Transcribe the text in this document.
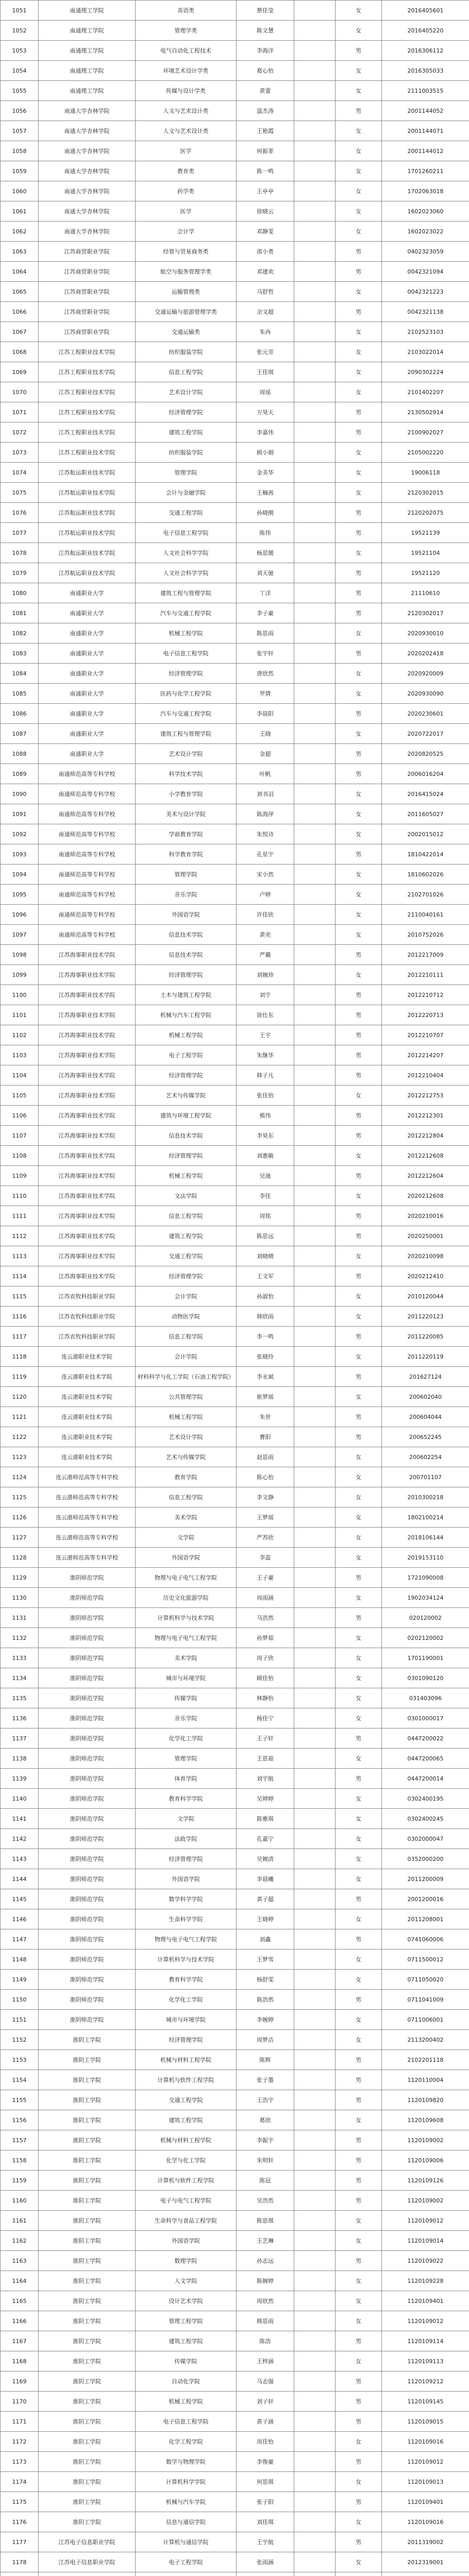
1051	南通理工学院	英语类	蔡佳莹		女	2016405601
1052	南通理工学院	管理学类	陈文慧		女	2016405220
1053	南通理工学院	电气自动化工程技术	李海洋		男	2016306112
1054	南通理工学院	环境艺术设计学类	葛心怡		女	2016305033
1055	南通理工学院	传媒与设计学类	黄蕾		女	2111003515
1056	南通大学杏林学院	人文与艺术设计类	温杰涛		男	2001144052
1057	南通大学杏林学院	人文与艺术设计类	王艳霞		女	2001144071
1058	南通大学杏林学院	医学	何振菲		女	2001144012
1059	南通大学杏林学院	教育类	陈一鸣		女	1701260211
1060	南通大学杏林学院	药学类	王亭亭		女	1702063018
1061	南通大学杏林学院	医学	徐晓云		女	1602023060
1062	南通大学杏林学院	会计学	邓静雯		女	1602023022
1063	江苏商贸职业学院	经管与贸易商务类	邵小勇		男	0402323059
1064	江苏商贸职业学院	航空与服务管理学类	邓建欢		男	0042321094
1065	江苏商贸职业学院	运输管理类	马舒哲		女	0042321223
1066	江苏商贸职业学院	交通运输与旅游管理学类	余文超		男	0042321138
1067	江苏商贸职业学院	交通运输类	朱冉		女	2102523103
1068	江苏工程职业技术学院	纺织服装学院	张元芳		女	2103022014
1069	江苏工程职业技术学院	信息工程学院	王佳琪		女	2090302224
1070	江苏工程职业技术学院	艺术设计学院	周瑶		女	2101402207
1071	江苏工程职业技术学院	经济管理学院	万昊天		男	2130502914
1072	江苏工程职业技术学院	建筑工程学院	李嘉伟		男	2100902027
1073	江苏工程职业技术学院	纺织服装学院	顾小娟		女	2105002220
1074	江苏航运职业技术学院	管理学院	金美华		女	19006118
1075	江苏航运职业技术学院	会计与金融学院	王楠茜		女	2120302015
1076	江苏航运职业技术学院	交通工程学院	孙晓刚		男	2120202075
1077	江苏航运职业技术学院	电子信息工程学院	陈伟		男	19521139
1078	江苏航运职业技术学院	人文社会科学学院	杨思媛		女	19521104
1079	江苏航运职业技术学院	人文社会科学学院	刘天驰		男	19521120
1080	南通职业大学	建筑工程与管理学院	丁洋		男	21110610
1081	南通职业大学	汽车与交通工程学院	李子豪		男	2120302017
1082	南通职业大学	机械工程学院	陈思雨		女	2020930010
1083	南通职业大学	电子信息工程学院	张宇轩		男	2020202418
1084	南通职业大学	经济管理学院	唐欣然		女	2020920009
1085	南通职业大学	医药与化学工程学院	罗倩		女	2020930090
1086	南通职业大学	汽车与交通工程学院	李晨阳		男	2020230601
1087	南通职业大学	建筑工程与管理学院	王晓		女	2020722017
1088	南通职业大学	艺术设计学院	金超		男	2020820525
1089	南通师范高等专科学校	科学技术学院	叶帆		男	2006016204
1090	南通师范高等专科学校	小学教育学院	刘书羽		女	2016415024
1091	南通师范高等专科学校	美术与设计学院	陈海萍		女	2011605027
1092	南通师范高等专科学校	学前教育学院	朱悦诗		女	2002015012
1093	南通师范高等专科学校	科学教育学院	孔星宇		男	1810422014
1094	南通师范高等专科学校	管理学院	宋小然		女	1810602026
1095	南通师范高等专科学校	音乐学院	卢婷		女	2102701026
1096	南通师范高等专科学校	外国语学院	许佳欣		女	2110040161
1097	南通师范高等专科学校	信息技术学院	黄奕		女	2010752026
1098	江苏海事职业技术学院	信息技术学院	严璐		男	2012217009
1099	江苏海事职业技术学院	经济管理学院	刘婉珍		女	2012210111
1100	江苏海事职业技术学院	土木与建筑工程学院	刘宇		男	2012210712
1101	江苏海事职业技术学院	机械与汽车工程学院	徐仕东		男	2012220713
1102	江苏海事职业技术学院	机械工程学院	王宇		男	2012210707
1103	江苏海事职业技术学院	电子工程学院	朱继华		男	2012214207
1104	江苏海事职业技术学院	经济管理学院	韩子凡		男	2012210404
1105	江苏海事职业技术学院	艺术与传媒学院	张佳怡		女	2012212753
1106	江苏海事职业技术学院	建筑与环境工程学院	熊伟		男	2012212301
1107	江苏海事职业技术学院	信息技术学院	李昊东		男	2012212804
1108	江苏海事职业技术学院	经济管理学院	刘惠敏		女	2012212608
1109	江苏海事职业技术学院	机械工程学院	吴迪		男	2012212604
1110	江苏海事职业技术学院	文法学院	李佳		女	2020212608
1111	江苏海事职业技术学院	信息工程学院	周铭		男	2020210016
1112	江苏海事职业技术学院	建筑工程学院	陈思远		男	2020250001
1113	江苏海事职业技术学院	交通工程学院	刘晓晴		女	2020210098
1114	江苏海事职业技术学院	经济管理学院	王文军		男	2020212410
1115	江苏农牧科技职业学院	会计学院	孙淑怡		女	2010120044
1116	江苏农牧科技职业学院	动物医学院	韩欣雨		女	2011220123
1117	江苏农牧科技职业学院	信息工程学院	李一鸣		男	2011220085
1118	连云港职业技术学院	会计学院	张晓玲		女	2011220119
1119	连云港职业技术学院	材料科学与化工学院（石油工程学院）	李永斌		男	201627124
1120	连云港职业技术学院	公共管理学院	崔梦瑶		女	200602040
1121	连云港职业技术学院	机械工程学院	朱世		男	200604044
1122	连云港职业技术学院	艺术设计学院	曹阳		男	200652245
1123	连云港职业技术学院	艺术与传媒学院	赵思雨		女	200602254
1124	连云港师范高等专科学校	教育学院	陈心怡		女	200701107
1125	连云港师范高等专科学校	信息工程学院	李文静		女	2010300218
1126	连云港师范高等专科学校	美术学院	王梦瑶		女	1802100214
1127	连云港师范高等专科学校	文学院	严苏欣		女	2018106144
1128	连云港师范高等专科学校	外国语学院	李蕊		女	2019153110
1129	淮阴师范学院	物理与电子电气工程学院	王子豪		男	1721090008
1130	淮阴师范学院	历史文化旅游学院	周雨涵		女	1902034124
1131	淮阴师范学院	计算机科学与技术学院	马浩然		男	020120002
1132	淮阴师范学院	物理与电子电气工程学院	孙梦茹		女	0202120002
1133	淮阴师范学院	美术学院	周子欣		女	1701190001
1134	淮阴师范学院	城市与环境学院	顾佳怡		女	0301090120
1135	淮阴师范学院	传媒学院	林静怡		女	031403096
1136	淮阴师范学院	音乐学院	杨佳宁		女	0301000017
1137	淮阴师范学院	化学化工学院	王子轩		男	0447200022
1138	淮阴师范学院	管理学院	王思茹		女	0447200065
1139	淮阴师范学院	体育学院	刘宇航		男	0447200014
1140	淮阴师范学院	教育科学学院	吴婷婷		女	0302400195
1141	淮阴师范学院	文学院	陈雅琪		女	0302400245
1142	淮阴师范学院	法政学院	孔嘉宁		女	0302000047
1143	淮阴师范学院	经济管理学院	吴婉清		女	0352000200
1144	淮阴师范学院	外国语学院	李晨曦		女	2011200009
1145	淮阴师范学院	数学科学学院	黄子超		男	2001200016
1146	淮阴师范学院	生命科学学院	王晓婷		女	2011208001
1147	淮阴师范学院	物理与电子电气工程学院	刘鑫		男	0741060006
1148	淮阴师范学院	计算机科学与技术学院	王梦雪		女	0711500012
1149	淮阴师范学院	教育科学学院	杨舒雯		女	0711050020
1150	淮阴师范学院	化学化工学院	陈浩然		男	0711041009
1151	淮阴师范学院	城市与环境学院	李婉婷		女	0711006001
1152	淮阴工学院	经济管理学院	周梦洁		女	2113200402
1153	淮阴工学院	机械与材料工程学院	陈辉		男	2102201118
1154	淮阴工学院	计算机与软件工程学院	张子墨		男	1120110004
1155	淮阴工学院	交通工程学院	王浩宇		男	1120109820
1156	淮阴工学院	建筑工程学院	葛欣		女	1120109608
1157	淮阴工学院	机械与材料工程学院	李振宇		男	1120109002
1158	淮阴工学院	化学与化工学院	朱明轩		男	1120109006
1159	淮阴工学院	计算机与软件工程学院	陈冠		男	1120109126
1160	淮阴工学院	电子与电气工程学院	吴浩然		男	1120109002
1161	淮阴工学院	生命科学与食品工程学院	陈思琪		女	1120109012
1162	淮阴工学院	外国语学院	王艺琳		女	1120109014
1163	淮阴工学院	数理学院	孙志远		男	1120109022
1164	淮阴工学院	人文学院	陈婉婷		女	1120109228
1165	淮阴工学院	设计艺术学院	周欣然		女	1120109401
1166	淮阴工学院	管理工程学院	韩思雨		女	1120109012
1167	淮阴工学院	建筑工程学院	陈浩		男	1120109114
1168	淮阴工学院	传媒学院	王梓涵		女	1120109113
1169	淮阴工学院	自动化学院	马志强		男	1120109212
1170	淮阴工学院	机械工程学院	刘子轩		男	1120109145
1171	淮阴工学院	电子信息工程学院	黄子涵		男	1120109015
1172	淮阴工学院	化学工程学院	周佳怡		女	1120109016
1173	淮阴工学院	数学与物理学院	李俊豪		男	1120109012
1174	淮阴工学院	计算机科学学院	何思琪		女	1120109013
1175	淮阴工学院	机械与汽车学院	张子阳		男	1120109401
1176	淮阴工学院	信息与通信学院	刘佳琪		女	1120109016
1177	江苏电子信息职业学院	计算机与通信学院	王宇航		男	2011319002
1178	江苏电子信息职业学院	电子工程学院	张雨涵		女	2012319001
